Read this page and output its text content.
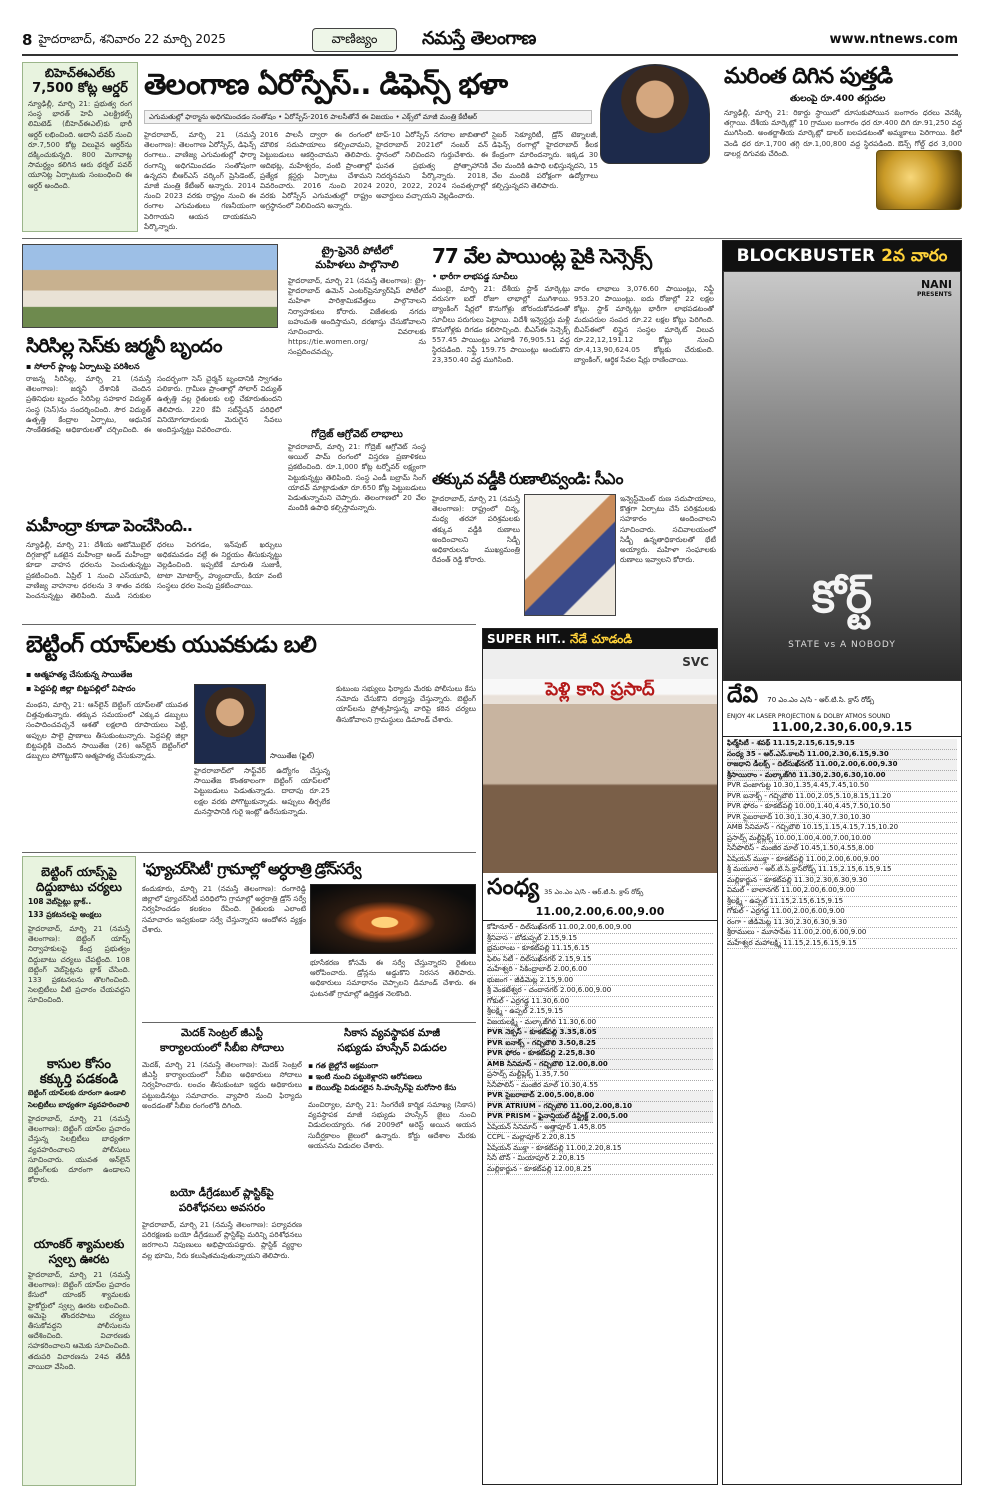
8 హైదరాబాద్, శనివారం 22 మార్చి 2025	వాణిజ్యం	నమస్తే తెలంగాణ	www.ntnews.com
బిహెచ్‌ఈఎల్‌కు
7,500 కోట్ల ఆర్డర్
న్యూఢిల్లీ, మార్చి 21: ప్రభుత్వ రంగ సంస్థ భారత్ హెవీ ఎలక్ట్రికల్స్ లిమిటెడ్ (బీహెచ్ఈఎల్)కు భారీ ఆర్డర్ లభించింది. అదానీ పవర్ నుంచి రూ.7,500 కోట్ల విలువైన ఆర్డర్‌ను దక్కించుకున్నది. 800 మెగావాట్ల సామర్థ్యం కలిగిన ఆరు థర్మల్ పవర్ యూనిట్ల ఏర్పాటుకు సంబంధించి ఈ ఆర్డర్ అందింది.
తెలంగాణ ఏరోస్పేస్.. డిఫెన్స్ భళా
ఎగుమతుల్లో ఫార్మాను అధిగమించడం సంతోషం • ఏరోస్పేస్-2016 పాలసీతోనే ఈ విజయం • ఎక్స్‌లో మాజీ మంత్రి కేటీఆర్
హైదరాబాద్, మార్చి 21 (నమస్తే తెలంగాణ): తెలంగాణ ఏరోస్పేస్, డిఫెన్స్ రంగాలు.. వాణిజ్య ఎగుమతుల్లో ఫార్మా రంగాన్ని అధిగమించడం సంతోషంగా ఉన్నదని బీఆర్ఎస్ వర్కింగ్ ప్రెసిడెంట్, మాజీ మంత్రి కేటీఆర్ అన్నారు. 2014 నుంచి 2023 వరకు రాష్ట్రం నుంచి ఈ రంగాల ఎగుమతులు గణనీయంగా పెరిగాయని ఆయన దాయకమని పేర్కొన్నారు.
2016 పాలసీ ద్వారా ఈ రంగంలో మౌలిక సదుపాయాలు కల్పించామని, పెట్టుబడులు ఆకర్షించామని తెలిపారు. ఆదిభట్ల, మహేశ్వరం, వంటి ప్రాంతాల్లో ప్రత్యేక క్లస్టర్లు ఏర్పాటు చేశామని వివరించారు. 2016 నుంచి 2024 వరకు ఏరోస్పేస్ ఎగుమతుల్లో రాష్ట్రం అగ్రస్థానంలో నిలిచిందని అన్నారు.
టాప్-10 ఏరోస్పేస్ నగరాల జాబితాలో హైదరాబాద్ 2021లో నంబర్ వన్ స్థానంలో నిలిచిందని గుర్తుచేశారు. ఈ ఘనత ప్రభుత్వ ప్రోత్సాహానికి నిదర్శనమని పేర్కొన్నారు. 2018, 2020, 2022, 2024 సంవత్సరాల్లో అవార్డులు వచ్చాయని వెల్లడించారు.
సైబర్ సెక్యూరిటీ, డ్రోన్ టెక్నాలజీ, డిఫెన్స్ రంగాల్లో హైదరాబాద్ కీలక కేంద్రంగా మారిందన్నారు. ఇక్కడ 30 వేల మందికి ఉపాధి లభిస్తున్నదని, 15 వేల మందికి పరోక్షంగా ఉద్యోగాలు కల్పిస్తున్నదని తెలిపారు.
మరింత దిగిన పుత్తడి
తులంపై రూ.400 తగ్గుదల
న్యూఢిల్లీ, మార్చి 21: రికార్డు స్థాయిలో దూసుకుపోయిన బంగారం ధరలు వెనక్కి తగ్గాయి. దేశీయ మార్కెట్లో 10 గ్రాముల బంగారం ధర రూ.400 దిగి రూ.91,250 వద్ద ముగిసింది. అంతర్జాతీయ మార్కెట్లో డాలర్ బలపడటంతో అమ్మకాలు పెరిగాయి. కిలో వెండి ధర రూ.1,700 తగ్గి రూ.1,00,800 వద్ద స్థిరపడింది. ఔన్స్ గోల్డ్ ధర 3,000 డాలర్ల దిగువకు చేరింది.
సిరిసిల్ల సెస్‌కు జర్మనీ బృందం
▪ సోలార్ ప్లాంట్ల ఏర్పాటుపై పరిశీలన
రాజన్న సిరిసిల్ల, మార్చి 21 (నమస్తే తెలంగాణ): జర్మనీ దేశానికి చెందిన ప్రతినిధుల బృందం సిరిసిల్ల సహకార విద్యుత్ సంస్థ (సెస్)ను సందర్శించింది. సౌర విద్యుత్ ఉత్పత్తి కేంద్రాల ఏర్పాటు, ఆధునిక సాంకేతికతపై అధికారులతో చర్చించింది. ఈ సందర్భంగా సెస్ చైర్మన్ బృందానికి స్వాగతం పలికారు. గ్రామీణ ప్రాంతాల్లో సోలార్ విద్యుత్ ఉత్పత్తి వల్ల రైతులకు లబ్ధి చేకూరుతుందని తెలిపారు. 220 కేవీ సబ్‌స్టేషన్ పరిధిలో వినియోగదారులకు మెరుగైన సేవలు అందిస్తున్నట్టు వివరించారు.
ట్రై-ఫ్రెనెరీ పోటీలో
మహిళలు పాల్గొనాలి
హైదరాబాద్, మార్చి 21 (నమస్తే తెలంగాణ): ట్రై-హైదరాబాద్ ఉమెన్ ఎంటర్‌ప్రెన్యూర్‌షిప్ పోటీలో మహిళా పారిశ్రామికవేత్తలు పాల్గొనాలని నిర్వాహకులు కోరారు. విజేతలకు నగదు బహుమతి అందిస్తామని, దరఖాస్తు చేసుకోవాలని సూచించారు. వివరాలకు https://tie.women.org/ ను సంప్రదించవచ్చు.
గోద్రెజ్ ఆగ్రోవెట్ లాభాలు
హైదరాబాద్, మార్చి 21: గోద్రెజ్ ఆగ్రోవెట్ సంస్థ ఆయిల్ పామ్ రంగంలో విస్తరణ ప్రణాళికలు ప్రకటించింది. రూ.1,000 కోట్ల టర్నోవర్ లక్ష్యంగా పెట్టుకున్నట్టు తెలిపింది. సంస్థ ఎండీ బల్రామ్ సింగ్ యాదవ్ మాట్లాడుతూ రూ.650 కోట్ల పెట్టుబడులు పెడుతున్నామని చెప్పారు. తెలంగాణలో 20 వేల మందికి ఉపాధి కల్పిస్తామన్నారు.
77 వేల పాయింట్ల పైకి సెన్సెక్స్
• భారీగా లాభపడ్డ సూచీలు
ముంబై, మార్చి 21: దేశీయ స్టాక్ మార్కెట్లు వరుసగా ఐదో రోజూ లాభాల్లో ముగిశాయి. బ్యాంకింగ్ షేర్లలో కొనుగోళ్లు జోరందుకోవడంతో సూచీలు పరుగులు పెట్టాయి. విదేశీ ఇన్వెస్టర్లు మళ్లీ కొనుగోళ్లకు దిగడం కలిసొచ్చింది. బీఎస్ఈ సెన్సెక్స్ 557.45 పాయింట్లు ఎగబాకి 76,905.51 వద్ద స్థిరపడింది. నిఫ్టీ 159.75 పాయింట్లు అందుకొని 23,350.40 వద్ద ముగిసింది.
వారం లాభాలు 3,076.60 పాయింట్లు, నిఫ్టీ 953.20 పాయింట్లు. ఐదు రోజుల్లో 22 లక్షల కోట్లు. స్టాక్ మార్కెట్లు భారీగా లాభపడటంతో మదుపరుల సంపద రూ.22 లక్షల కోట్లు పెరిగింది. బీఎస్ఈలో లిస్టైన సంస్థల మార్కెట్ విలువ రూ.22,12,191.12 కోట్లు నుంచి రూ.4,13,90,624.05 కోట్లకు చేరుకుంది. బ్యాంకింగ్, ఆర్థిక సేవల షేర్లు రాణించాయి.
తక్కువ వడ్డీకి రుణాలివ్వండి: సీఎం
హైదరాబాద్, మార్చి 21 (నమస్తే తెలంగాణ): రాష్ట్రంలో చిన్న, మధ్య తరహా పరిశ్రమలకు తక్కువ వడ్డీకి రుణాలు అందించాలని సిడ్బీ అధికారులను ముఖ్యమంత్రి రేవంత్ రెడ్డి కోరారు.
ఇన్వెస్ట్‌మెంట్ రుణ సదుపాయాలు, కొత్తగా ఏర్పాటు చేసే పరిశ్రమలకు సహకారం అందించాలని సూచించారు. సచివాలయంలో సిడ్బీ ఉన్నతాధికారులతో భేటీ అయ్యారు. మహిళా సంఘాలకు రుణాలు ఇవ్వాలని కోరారు.
మహీంద్రా కూడా పెంచేసింది..
న్యూఢిల్లీ, మార్చి 21: దేశీయ ఆటోమొబైల్ దిగ్గజాల్లో ఒకటైన మహీంద్రా అండ్ మహీంద్రా కూడా వాహన ధరలను పెంచుతున్నట్టు ప్రకటించింది. ఏప్రిల్ 1 నుంచి ఎస్‌యూవీ, వాణిజ్య వాహనాల ధరలను 3 శాతం వరకు పెంచనున్నట్టు తెలిపింది. ముడి సరుకుల ధరలు పెరగడం, ఇన్‌పుట్ ఖర్చులు అధికమవడం వల్లే ఈ నిర్ణయం తీసుకున్నట్టు వెల్లడించింది. ఇప్పటికే మారుతి సుజుకీ, టాటా మోటార్స్, హ్యుందాయ్, కియా వంటి సంస్థలు ధరల పెంపు ప్రకటించాయి.
BLOCKBUSTER 2వ వారం
NANI
PRESENTS
కోర్ట్
STATE vs A NOBODY
దేవి 70 ఎం.ఎం ఎ/సి - ఆర్.టి.సి. క్రాస్ రోడ్స్
ENJOY 4K LASER PROJECTION & DOLBY ATMOS SOUND
11.00,2.30,6.00,9.15
ఫిల్మ్‌సిటీ - శపథ్ 11.15,2.15,6.15,9.15
సంధ్య 35 - ఆర్.ఎస్.కాలనీ 11.00,2.30,6.15,9.30
రాజధాని డీలక్స్ - దిల్‌సుఖ్‌నగర్ 11.00,2.00,6.00,9.30
శ్రీసాయిరాం - మల్కాజ్‌గిరి 11.30,2.30,6.30,10.00
PVR పంజాగుట్ట 10.30,1.35,4.45,7.45,10.50
PVR ఐనాక్స్ - గచ్చిబౌలి 11.00,2.05,5.10,8.15,11.20
PVR ఫోరం - కూకట్‌పల్లి 10.00,1.40,4.45,7.50,10.50
PVR సైబరాబాద్ 10.30,1.30,4.30,7.30,10.30
AMB సినిమాస్ - గచ్చిబౌలి 10.15,1.15,4.15,7.15,10.20
ప్రసాద్స్ మల్టీప్లెక్స్ 10.00,1.00,4.00,7.00,10.00
సినీపొలిస్ - మంజీర మాల్ 10.45,1.50,4.55,8.00
ఏషియన్ ముక్తా - కూకట్‌పల్లి 11.00,2.00,6.00,9.00
శ్రీ మయూరి - ఆర్.టి.సి.క్రాస్‌రోడ్స్ 11.15,2.15,6.15,9.15
మల్లికార్జున - కూకట్‌పల్లి 11.30,2.30,6.30,9.30
విమల్ - బాలానగర్ 11.00,2.00,6.00,9.00
శ్రీలక్ష్మి - ఉప్పల్ 11.15,2.15,6.15,9.15
గోకుల్ - ఎర్రగడ్డ 11.00,2.00,6.00,9.00
రంగా - జీడిమెట్ల 11.30,2.30,6.30,9.30
శ్రీరాములు - మూసాపేట 11.00,2.00,6.00,9.00
మహేశ్వర మహాలక్ష్మి 11.15,2.15,6.15,9.15
బెట్టింగ్ యాప్‌లకు యువకుడు బలి
▪ ఆత్మహత్య చేసుకున్న సాయితేజ
▪ పెద్దపల్లి జిల్లా బిట్టపల్లిలో విషాదం
మంథని, మార్చి 21: ఆన్‌లైన్ బెట్టింగ్ యాప్‌లతో యువత చిత్తవుతున్నారు. తక్కువ సమయంలో ఎక్కువ డబ్బులు సంపాదించవచ్చనే ఆశతో లక్షలాది రూపాయలు పెట్టి, అప్పుల పాలై ప్రాణాలు తీసుకుంటున్నారు. పెద్దపల్లి జిల్లా బిట్టపల్లికి చెందిన సాయితేజ (26) ఆన్‌లైన్ బెట్టింగ్‌లో డబ్బులు పోగొట్టుకొని ఆత్మహత్య చేసుకున్నాడు.	సాయితేజ (ఫైల్)
హైదరాబాద్‌లో సాఫ్ట్‌వేర్ ఉద్యోగం చేస్తున్న సాయితేజ కొంతకాలంగా బెట్టింగ్ యాప్‌లలో పెట్టుబడులు పెడుతున్నాడు. దాదాపు రూ.25 లక్షల వరకు పోగొట్టుకున్నాడు. అప్పులు తీర్చలేక మనస్తాపానికి గురై ఇంట్లో ఉరేసుకున్నాడు.
కుటుంబ సభ్యులు ఫిర్యాదు మేరకు పోలీసులు కేసు నమోదు చేసుకొని దర్యాప్తు చేస్తున్నారు. బెట్టింగ్ యాప్‌లను ప్రోత్సహిస్తున్న వారిపై కఠిన చర్యలు తీసుకోవాలని గ్రామస్థులు డిమాండ్ చేశారు.
SUPER HIT.. నేడే చూడండి
SVC
పెళ్లి కాని ప్రసాద్
సంధ్య 35 ఎం.ఎం ఎ/సి - ఆర్.టి.సి. క్రాస్ రోడ్స్
11.00,2.00,6.00,9.00
కోహినూర్ - దిల్‌సుఖ్‌నగర్ 11.00,2.00,6.00,9.00
శ్రీనివాస - బోడుప్పల్ 2.15,9.15
భ్రమరాంబ - కూకట్‌పల్లి 11.15,6.15
ఫిలిం సిటీ - దిల్‌సుఖ్‌నగర్ 2.15,9.15
మహేశ్వరి - సికింద్రాబాద్ 2.00,6.00
భుజంగ - జీడిమెట్ల 2.15,9.00
శ్రీ వెంకటేశ్వర - చందానగర్ 2.00,6.00,9.00
గోకుల్ - ఎర్రగడ్డ 11.30,6.00
శ్రీలక్ష్మి - ఉప్పల్ 2.15,9.15
విజయలక్ష్మి - మల్కాజ్‌గిరి 11.30,6.00
PVR నెక్సస్ - కూకట్‌పల్లి 3.35,8.05
PVR ఐనాక్స్ - గచ్చిబౌలి 3.50,8.25
PVR ఫోరం - కూకట్‌పల్లి 2.25,8.30
AMB సినిమాస్ - గచ్చిబౌలి 12.00,8.00
ప్రసాద్స్ మల్టీప్లెక్స్ 1.35,7.50
సినీపొలిస్ - మంజీర మాల్ 10.30,4.55
PVR సైబరాబాద్ 2.00,5.00,8.00
PVR ATRIUM - గచ్చిబౌలి 11.00,2.00,8.10
PVR PRISM - ఫైనాన్షియల్ డిస్ట్రిక్ట్ 2.00,5.00
ఏషియన్ సినిమాస్ - అత్తాపూర్ 1.45,8.05
CCPL - మల్లాపూర్ 2.20,8.15
ఏషియన్ ముక్తా - కూకట్‌పల్లి 11.00,2.20,8.15
సినీ టౌన్ - మియాపూర్ 2.20,8.15
మల్లికార్జున - కూకట్‌పల్లి 12.00,8.25
బెట్టింగ్ యాప్స్‌పై
దిద్దుబాటు చర్యలు
108 వెబ్‌సైట్లు బ్లాక్..
133 ప్రకటనలపై ఆంక్షలు
హైదరాబాద్, మార్చి 21 (నమస్తే తెలంగాణ): బెట్టింగ్ యాప్స్ నిర్వాహకులపై కేంద్ర ప్రభుత్వం దిద్దుబాటు చర్యలు చేపట్టింది. 108 బెట్టింగ్ వెబ్‌సైట్లను బ్లాక్ చేసింది. 133 ప్రకటనలను తొలగించింది. సెలబ్రిటీలు వీటి ప్రచారం చేయవద్దని సూచించింది.
కాసుల కోసం
కక్కుర్తి పడకండి
బెట్టింగ్ యాప్‌లకు దూరంగా ఉండాలి
సెలబ్రిటీలు బాధ్యతగా వ్యవహరించాలి
హైదరాబాద్, మార్చి 21 (నమస్తే తెలంగాణ): బెట్టింగ్ యాప్‌ల ప్రచారం చేస్తున్న సెలబ్రిటీలు బాధ్యతగా వ్యవహరించాలని పోలీసులు సూచించారు. యువత ఆన్‌లైన్ బెట్టింగ్‌లకు దూరంగా ఉండాలని కోరారు.
యాంకర్ శ్యామలకు
స్వల్ప ఊరట
హైదరాబాద్, మార్చి 21 (నమస్తే తెలంగాణ): బెట్టింగ్ యాప్‌ల ప్రచారం కేసులో యాంకర్ శ్యామలకు హైకోర్టులో స్వల్ప ఊరట లభించింది. ఆమెపై తొందరపాటు చర్యలు తీసుకోవద్దని పోలీసులను ఆదేశించింది. విచారణకు సహకరించాలని ఆమెకు సూచించింది. తదుపరి విచారణను 24వ తేదీకి వాయిదా వేసింది.
'ఫ్యూచర్‌సిటీ' గ్రామాల్లో అర్ధరాత్రి డ్రోన్‌సర్వే
కందుకూరు, మార్చి 21 (నమస్తే తెలంగాణ): రంగారెడ్డి జిల్లాలో ఫ్యూచర్‌సిటీ పరిధిలోని గ్రామాల్లో అర్ధరాత్రి డ్రోన్ సర్వే నిర్వహించడం కలకలం రేపింది. రైతులకు ఎలాంటి సమాచారం ఇవ్వకుండా సర్వే చేస్తున్నారని ఆందోళన వ్యక్తం చేశారు.
భూసేకరణ కోసమే ఈ సర్వే చేస్తున్నారని రైతులు ఆరోపించారు. డ్రోన్లను అడ్డుకొని నిరసన తెలిపారు. అధికారులు సమాధానం చెప్పాలని డిమాండ్ చేశారు. ఈ ఘటనతో గ్రామాల్లో ఉద్రిక్తత నెలకొంది.
మెదక్ సెంట్రల్ జీఎస్టీ
కార్యాలయంలో సీబీఐ సోదాలు
మెదక్, మార్చి 21 (నమస్తే తెలంగాణ): మెదక్ సెంట్రల్ జీఎస్టీ కార్యాలయంలో సీబీఐ అధికారులు సోదాలు నిర్వహించారు. లంచం తీసుకుంటూ ఇద్దరు అధికారులు పట్టుబడినట్టు సమాచారం. వ్యాపారి నుంచి ఫిర్యాదు అందడంతో సీబీఐ రంగంలోకి దిగింది.
బయో డీగ్రేడబుల్ ప్లాస్టిక్‌పై
పరిశోధనలు అవసరం
హైదరాబాద్, మార్చి 21 (నమస్తే తెలంగాణ): పర్యావరణ పరిరక్షణకు బయో డీగ్రేడబుల్ ప్లాస్టిక్‌పై మరిన్ని పరిశోధనలు జరగాలని నిపుణులు అభిప్రాయపడ్డారు. ప్లాస్టిక్ వ్యర్థాల వల్ల భూమి, నీరు కలుషితమవుతున్నాయని తెలిపారు.
సికాస వ్యవస్థాపక మాజీ
సభ్యుడు హుస్సేన్ విడుదల
▪ గత జైల్లోనే అక్రమంగా
▪ ఇంటి నుంచి పట్టుకెళ్లారని ఆరోపణలు
▪ బెయిల్‌పై విడుదలైన సి.హుస్సేన్‌పై మరోసారి కేసు
మంచిర్యాల, మార్చి 21: సింగరేణి కార్మిక సమాఖ్య (సికాస) వ్యవస్థాపక మాజీ సభ్యుడు హుస్సేన్ జైలు నుంచి విడుదలయ్యారు. గత 2009లో అరెస్ట్ అయిన ఆయన సుదీర్ఘకాలం జైలులో ఉన్నారు. కోర్టు ఆదేశాల మేరకు ఆయనను విడుదల చేశారు.
